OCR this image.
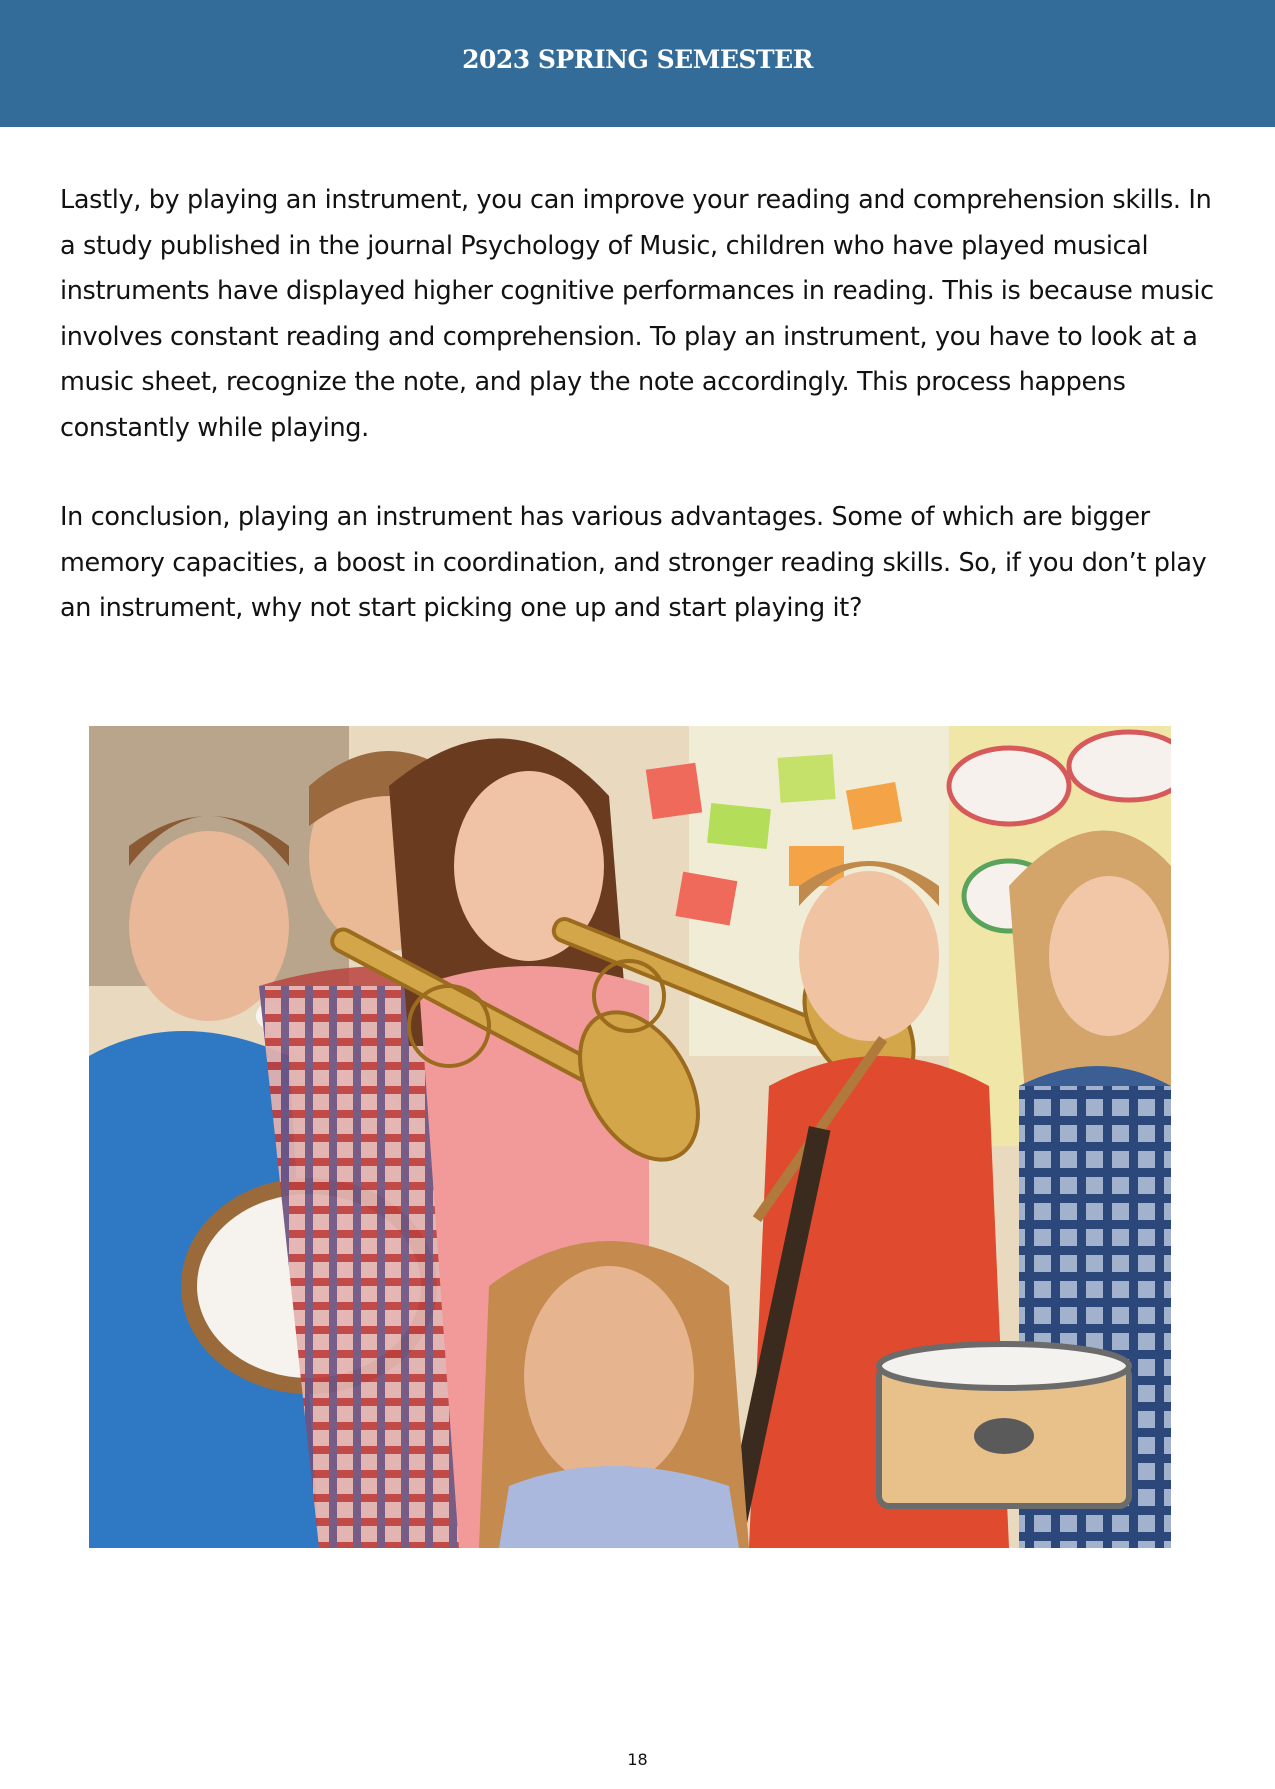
2023 SPRING SEMESTER

Lastly, by playing an instrument, you can improve your reading and comprehension skills. In a study published in the journal Psychology of Music, children who have played musical instruments have displayed higher cognitive performances in reading. This is because music involves constant reading and comprehension. To play an instrument, you have to look at a music sheet, recognize the note, and play the note accordingly. This process happens constantly while playing.

In conclusion, playing an instrument has various advantages. Some of which are bigger memory capacities, a boost in coordination, and stronger reading skills. So, if you don’t play an instrument, why not start picking one up and start playing it?

18
